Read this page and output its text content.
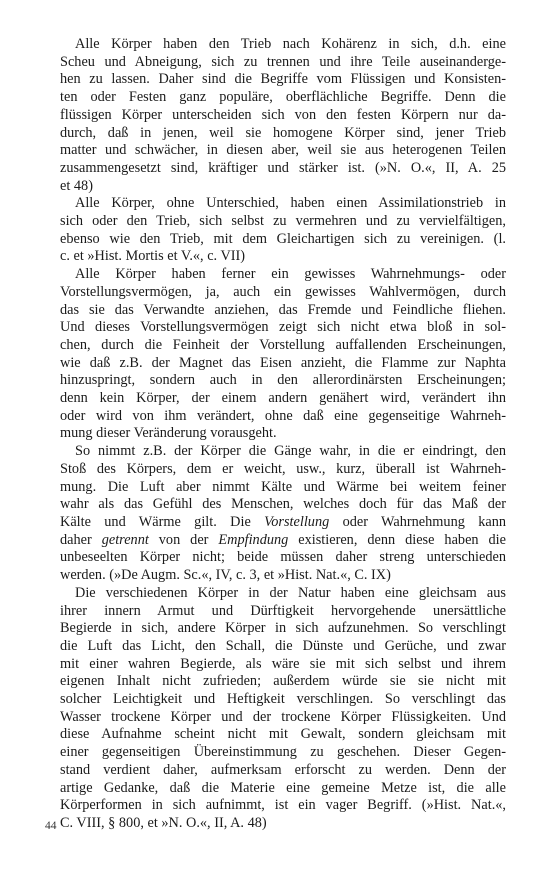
Alle Körper haben den Trieb nach Kohärenz in sich, d.h. eine
Scheu und Abneigung, sich zu trennen und ihre Teile auseinanderge-
hen zu lassen. Daher sind die Begriffe vom Flüssigen und Konsisten-
ten oder Festen ganz populäre, oberflächliche Begriffe. Denn die
flüssigen Körper unterscheiden sich von den festen Körpern nur da-
durch, daß in jenen, weil sie homogene Körper sind, jener Trieb
matter und schwächer, in diesen aber, weil sie aus heterogenen Teilen
zusammengesetzt sind, kräftiger und stärker ist. (»N. O.«, II, A. 25
et 48)
Alle Körper, ohne Unterschied, haben einen Assimilationstrieb in
sich oder den Trieb, sich selbst zu vermehren und zu vervielfältigen,
ebenso wie den Trieb, mit dem Gleichartigen sich zu vereinigen. (l.
c. et »Hist. Mortis et V.«, c. VII)
Alle Körper haben ferner ein gewisses Wahrnehmungs- oder
Vorstellungsvermögen, ja, auch ein gewisses Wahlvermögen, durch
das sie das Verwandte anziehen, das Fremde und Feindliche fliehen.
Und dieses Vorstellungsvermögen zeigt sich nicht etwa bloß in sol-
chen, durch die Feinheit der Vorstellung auffallenden Erscheinungen,
wie daß z.B. der Magnet das Eisen anzieht, die Flamme zur Naphta
hinzuspringt, sondern auch in den allerordinärsten Erscheinungen;
denn kein Körper, der einem andern genähert wird, verändert ihn
oder wird von ihm verändert, ohne daß eine gegenseitige Wahrneh-
mung dieser Veränderung vorausgeht.
So nimmt z.B. der Körper die Gänge wahr, in die er eindringt, den
Stoß des Körpers, dem er weicht, usw., kurz, überall ist Wahrneh-
mung. Die Luft aber nimmt Kälte und Wärme bei weitem feiner
wahr als das Gefühl des Menschen, welches doch für das Maß der
Kälte und Wärme gilt. Die Vorstellung oder Wahrnehmung kann
daher getrennt von der Empfindung existieren, denn diese haben die
unbeseelten Körper nicht; beide müssen daher streng unterschieden
werden. (»De Augm. Sc.«, IV, c. 3, et »Hist. Nat.«, C. IX)
Die verschiedenen Körper in der Natur haben eine gleichsam aus
ihrer innern Armut und Dürftigkeit hervorgehende unersättliche
Begierde in sich, andere Körper in sich aufzunehmen. So verschlingt
die Luft das Licht, den Schall, die Dünste und Gerüche, und zwar
mit einer wahren Begierde, als wäre sie mit sich selbst und ihrem
eigenen Inhalt nicht zufrieden; außerdem würde sie sie nicht mit
solcher Leichtigkeit und Heftigkeit verschlingen. So verschlingt das
Wasser trockene Körper und der trockene Körper Flüssigkeiten. Und
diese Aufnahme scheint nicht mit Gewalt, sondern gleichsam mit
einer gegenseitigen Übereinstimmung zu geschehen. Dieser Gegen-
stand verdient daher, aufmerksam erforscht zu werden. Denn der
artige Gedanke, daß die Materie eine gemeine Metze ist, die alle
Körperformen in sich aufnimmt, ist ein vager Begriff. (»Hist. Nat.«,
C. VIII, § 800, et »N. O.«, II, A. 48)
44
